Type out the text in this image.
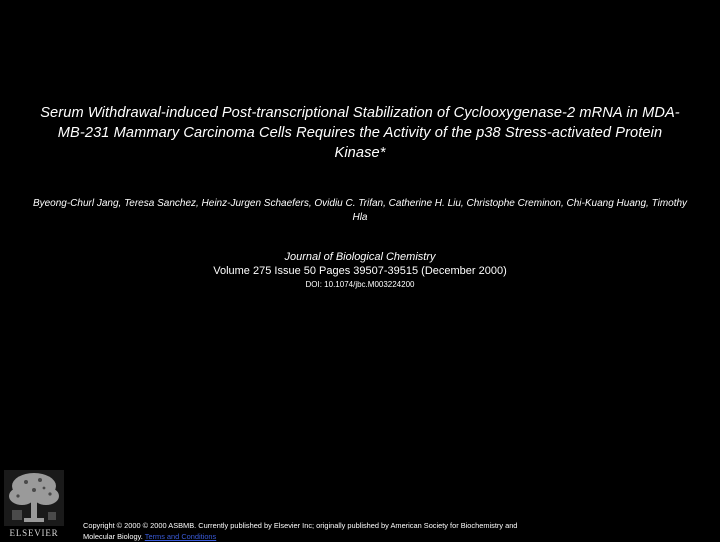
Serum Withdrawal-induced Post-transcriptional Stabilization of Cyclooxygenase-2 mRNA in MDA-MB-231 Mammary Carcinoma Cells Requires the Activity of the p38 Stress-activated Protein Kinase*
Byeong-Churl Jang, Teresa Sanchez, Heinz-Jurgen Schaefers, Ovidiu C. Trifan, Catherine H. Liu, Christophe Creminon, Chi-Kuang Huang, Timothy Hla
Journal of Biological Chemistry
Volume 275 Issue 50 Pages 39507-39515 (December 2000)
DOI: 10.1074/jbc.M003224200
ELSEVIER
Copyright © 2000 © 2000 ASBMB. Currently published by Elsevier Inc; originally published by American Society for Biochemistry and Molecular Biology. Terms and Conditions
